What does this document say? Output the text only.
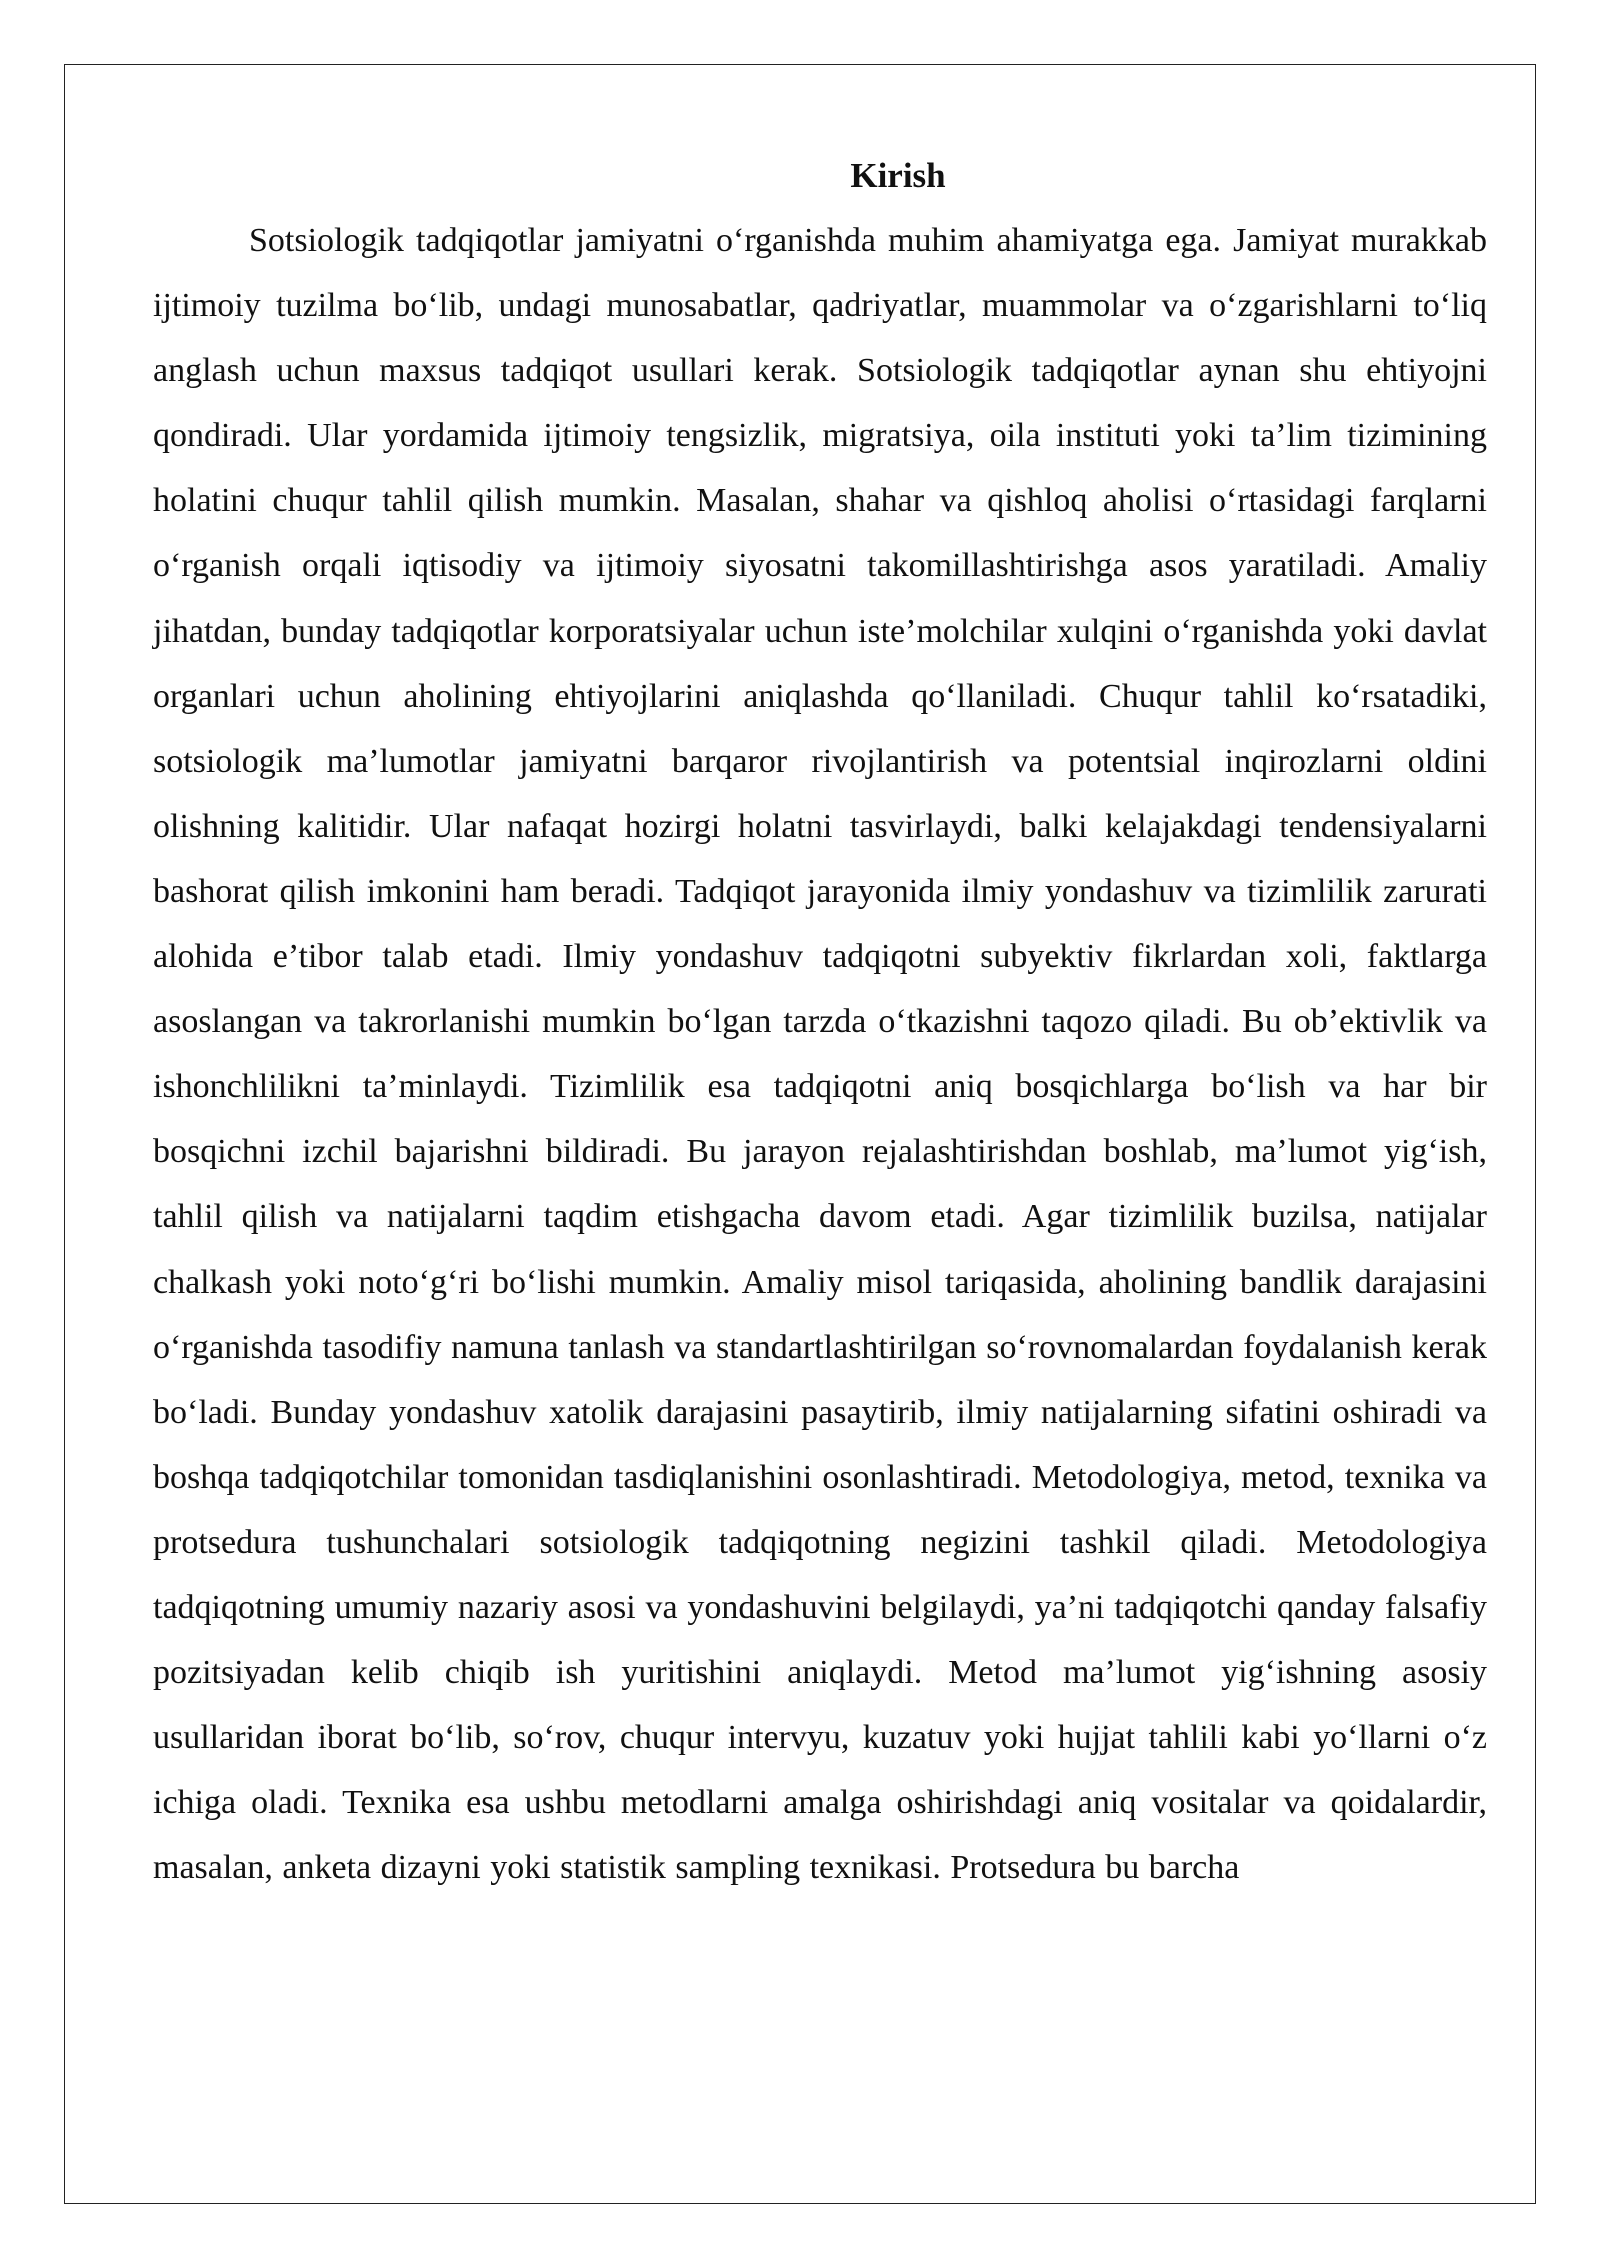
Kirish

Sotsiologik tadqiqotlar jamiyatni o‘rganishda muhim ahamiyatga ega. Jamiyat murakkab ijtimoiy tuzilma bo‘lib, undagi munosabatlar, qadriyatlar, muammolar va o‘zgarishlarni to‘liq anglash uchun maxsus tadqiqot usullari kerak. Sotsiologik tadqiqotlar aynan shu ehtiyojni qondiradi. Ular yordamida ijtimoiy tengsizlik, migratsiya, oila instituti yoki ta’lim tizimining holatini chuqur tahlil qilish mumkin. Masalan, shahar va qishloq aholisi o‘rtasidagi farqlarni o‘rganish orqali iqtisodiy va ijtimoiy siyosatni takomillashtirishga asos yaratiladi. Amaliy jihatdan, bunday tadqiqotlar korporatsiyalar uchun iste’molchilar xulqini o‘rganishda yoki davlat organlari uchun aholining ehtiyojlarini aniqlashda qo‘llaniladi. Chuqur tahlil ko‘rsatadiki, sotsiologik ma’lumotlar jamiyatni barqaror rivojlantirish va potentsial inqirozlarni oldini olishning kalitidir. Ular nafaqat hozirgi holatni tasvirlaydi, balki kelajakdagi tendensiyalarni bashorat qilish imkonini ham beradi. Tadqiqot jarayonida ilmiy yondashuv va tizimlilik zarurati alohida e’tibor talab etadi. Ilmiy yondashuv tadqiqotni subyektiv fikrlardan xoli, faktlarga asoslangan va takrorlanishi mumkin bo‘lgan tarzda o‘tkazishni taqozo qiladi. Bu ob’ektivlik va ishonchlilikni ta’minlaydi. Tizimlilik esa tadqiqotni aniq bosqichlarga bo‘lish va har bir bosqichni izchil bajarishni bildiradi. Bu jarayon rejalashtirishdan boshlab, ma’lumot yig‘ish, tahlil qilish va natijalarni taqdim etishgacha davom etadi. Agar tizimlilik buzilsa, natijalar chalkash yoki noto‘g‘ri bo‘lishi mumkin. Amaliy misol tariqasida, aholining bandlik darajasini o‘rganishda tasodifiy namuna tanlash va standartlashtirilgan so‘rovnomalardan foydalanish kerak bo‘ladi. Bunday yondashuv xatolik darajasini pasaytirib, ilmiy natijalarning sifatini oshiradi va boshqa tadqiqotchilar tomonidan tasdiqlanishini osonlashtiradi. Metodologiya, metod, texnika va protsedura tushunchalari sotsiologik tadqiqotning negizini tashkil qiladi. Metodologiya tadqiqotning umumiy nazariy asosi va yondashuvini belgilaydi, ya’ni tadqiqotchi qanday falsafiy pozitsiyadan kelib chiqib ish yuritishini aniqlaydi. Metod ma’lumot yig‘ishning asosiy usullaridan iborat bo‘lib, so‘rov, chuqur intervyu, kuzatuv yoki hujjat tahlili kabi yo‘llarni o‘z ichiga oladi. Texnika esa ushbu metodlarni amalga oshirishdagi aniq vositalar va qoidalardir, masalan, anketa dizayni yoki statistik sampling texnikasi. Protsedura bu barcha
